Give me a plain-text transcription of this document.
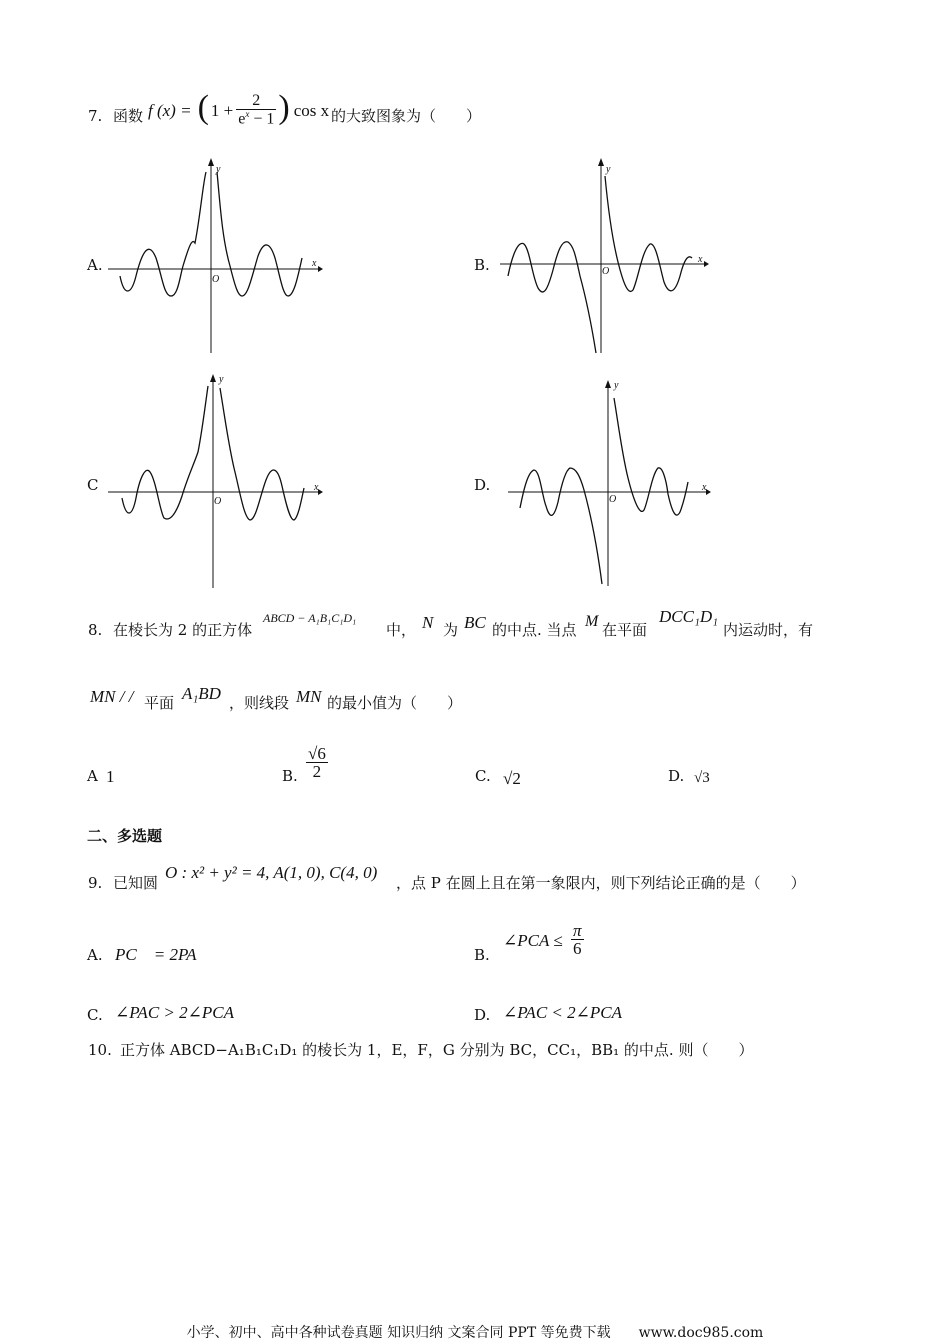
7. 函数 f (x) = ( $1 + \frac{2}{e^x - 1}$ ) cos x 的大致图象为（　　）
A.	B.
C	D.
y
x
O
y
x
O
y
x
O
y
x
O
8. 在棱长为 2 的正方体
ABCD − A₁B₁C₁D₁
中， N 为 BC 的中点. 当点 M 在平面
DCC₁D₁
内运动时，有
MN / / 平面 A₁BD ，则线段 MN 的最小值为（　　）
A 1	B. $\frac{√6}{2}$	C. √2	D. √3
二、多选题
9. 已知圆
O : x² + y² = 4, A(1, 0), C(4, 0)
，点 P 在圆上且在第一象限内，则下列结论正确的是（　　）
A. PC　= 2PA	B.
∠PCA ≤ $\frac{\pi}{6}$
C. ∠PAC > 2∠PCA	D. ∠PAC < 2∠PCA
10. 正方体 ABCD−A₁B₁C₁D₁ 的棱长为 1，E，F，G 分别为 BC，CC₁，BB₁ 的中点. 则（　　）
小学、初中、高中各种试卷真题 知识归纳 文案合同 PPT 等免费下载　　www.doc985.com
